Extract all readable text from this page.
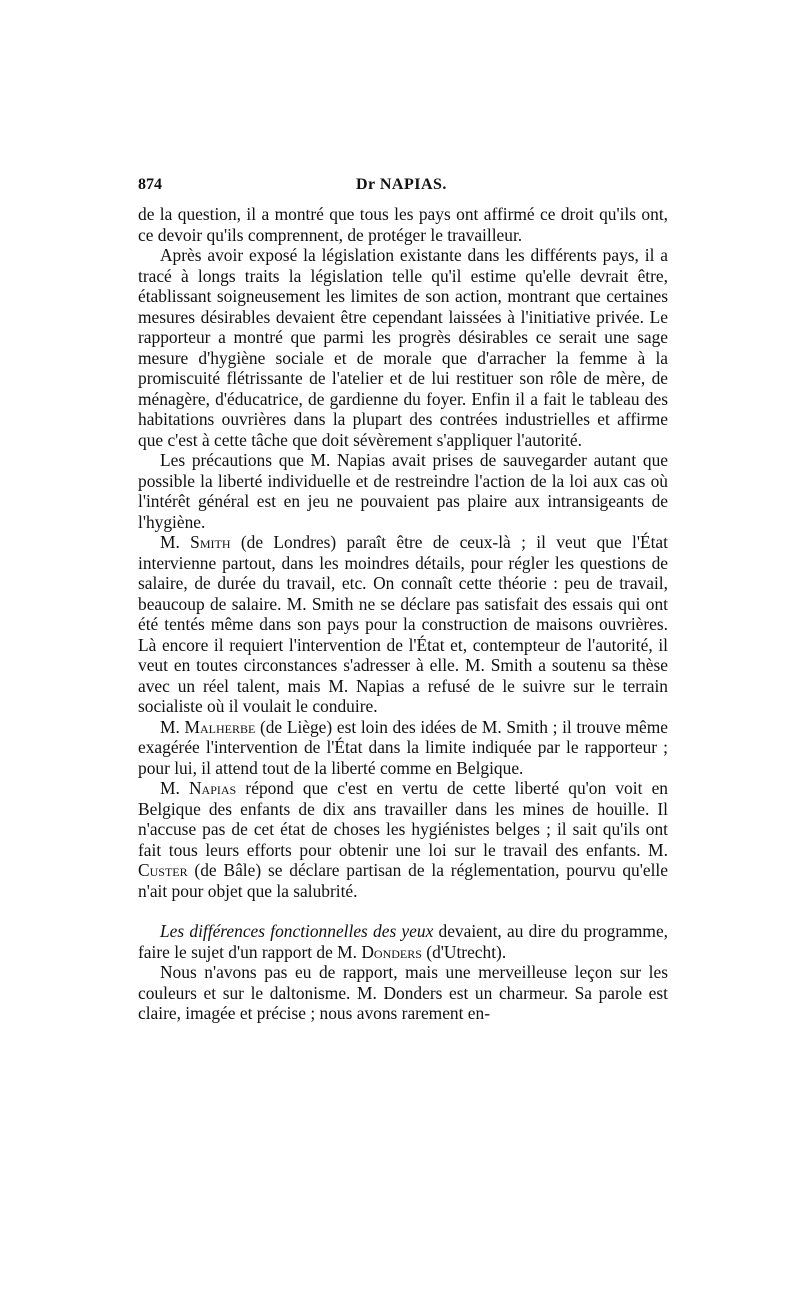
874	Dr NAPIAS.

de la question, il a montré que tous les pays ont affirmé ce droit qu'ils ont, ce devoir qu'ils comprennent, de protéger le travailleur.

Après avoir exposé la législation existante dans les différents pays, il a tracé à longs traits la législation telle qu'il estime qu'elle devrait être, établissant soigneusement les limites de son action, montrant que certaines mesures désirables devaient être cependant laissées à l'initiative privée. Le rapporteur a montré que parmi les progrès désirables ce serait une sage mesure d'hygiène sociale et de morale que d'arracher la femme à la promiscuité flétrissante de l'atelier et de lui restituer son rôle de mère, de ménagère, d'éducatrice, de gardienne du foyer. Enfin il a fait le tableau des habitations ouvrières dans la plupart des contrées industrielles et affirme que c'est à cette tâche que doit sévèrement s'appliquer l'autorité.

Les précautions que M. Napias avait prises de sauvegarder autant que possible la liberté individuelle et de restreindre l'action de la loi aux cas où l'intérêt général est en jeu ne pouvaient pas plaire aux intransigeants de l'hygiène.

M. Smith (de Londres) paraît être de ceux-là ; il veut que l'État intervienne partout, dans les moindres détails, pour régler les questions de salaire, de durée du travail, etc. On connaît cette théorie : peu de travail, beaucoup de salaire. M. Smith ne se déclare pas satisfait des essais qui ont été tentés même dans son pays pour la construction de maisons ouvrières. Là encore il requiert l'intervention de l'État et, contempteur de l'autorité, il veut en toutes circonstances s'adresser à elle. M. Smith a soutenu sa thèse avec un réel talent, mais M. Napias a refusé de le suivre sur le terrain socialiste où il voulait le conduire.

M. Malherbe (de Liège) est loin des idées de M. Smith ; il trouve même exagérée l'intervention de l'État dans la limite indiquée par le rapporteur ; pour lui, il attend tout de la liberté comme en Belgique.

M. Napias répond que c'est en vertu de cette liberté qu'on voit en Belgique des enfants de dix ans travailler dans les mines de houille. Il n'accuse pas de cet état de choses les hygiénistes belges ; il sait qu'ils ont fait tous leurs efforts pour obtenir une loi sur le travail des enfants. M. Custer (de Bâle) se déclare partisan de la réglementation, pourvu qu'elle n'ait pour objet que la salubrité.

Les différences fonctionnelles des yeux devaient, au dire du programme, faire le sujet d'un rapport de M. Donders (d'Utrecht).

Nous n'avons pas eu de rapport, mais une merveilleuse leçon sur les couleurs et sur le daltonisme. M. Donders est un charmeur. Sa parole est claire, imagée et précise ; nous avons rarement en-
